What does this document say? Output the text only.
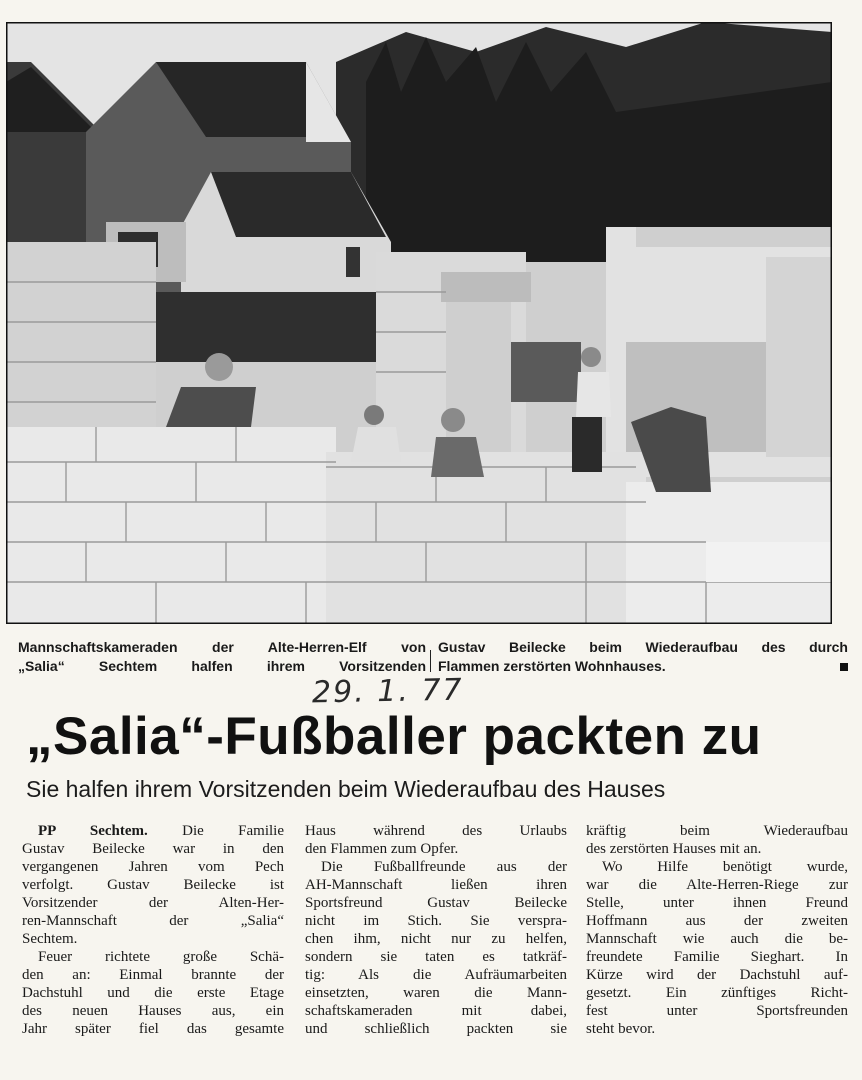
Mannschaftskameraden der Alte-Herren-Elf von
„Salia“ Sechtem halfen ihrem Vorsitzenden
Gustav Beilecke beim Wiederaufbau des durch
Flammen zerstörten Wohnhauses.
29. 1. 77
„Salia“-Fußballer packten zu
Sie halfen ihrem Vorsitzenden beim Wiederaufbau des Hauses
PP Sechtem. Die Familie
Gustav Beilecke war in den
vergangenen Jahren vom Pech
verfolgt. Gustav Beilecke ist
Vorsitzender der Alten-Her-
ren-Mannschaft der „Salia“
Sechtem.
Feuer richtete große Schä-
den an: Einmal brannte der
Dachstuhl und die erste Etage
des neuen Hauses aus, ein
Jahr später fiel das gesamte
Haus während des Urlaubs
den Flammen zum Opfer.
Die Fußballfreunde aus der
AH-Mannschaft ließen ihren
Sportsfreund Gustav Beilecke
nicht im Stich. Sie verspra-
chen ihm, nicht nur zu helfen,
sondern sie taten es tatkräf-
tig: Als die Aufräumarbeiten
einsetzten, waren die Mann-
schaftskameraden mit dabei,
und schließlich packten sie
kräftig beim Wiederaufbau
des zerstörten Hauses mit an.
Wo Hilfe benötigt wurde,
war die Alte-Herren-Riege zur
Stelle, unter ihnen Freund
Hoffmann aus der zweiten
Mannschaft wie auch die be-
freundete Familie Sieghart. In
Kürze wird der Dachstuhl auf-
gesetzt. Ein zünftiges Richt-
fest unter Sportsfreunden
steht bevor.
